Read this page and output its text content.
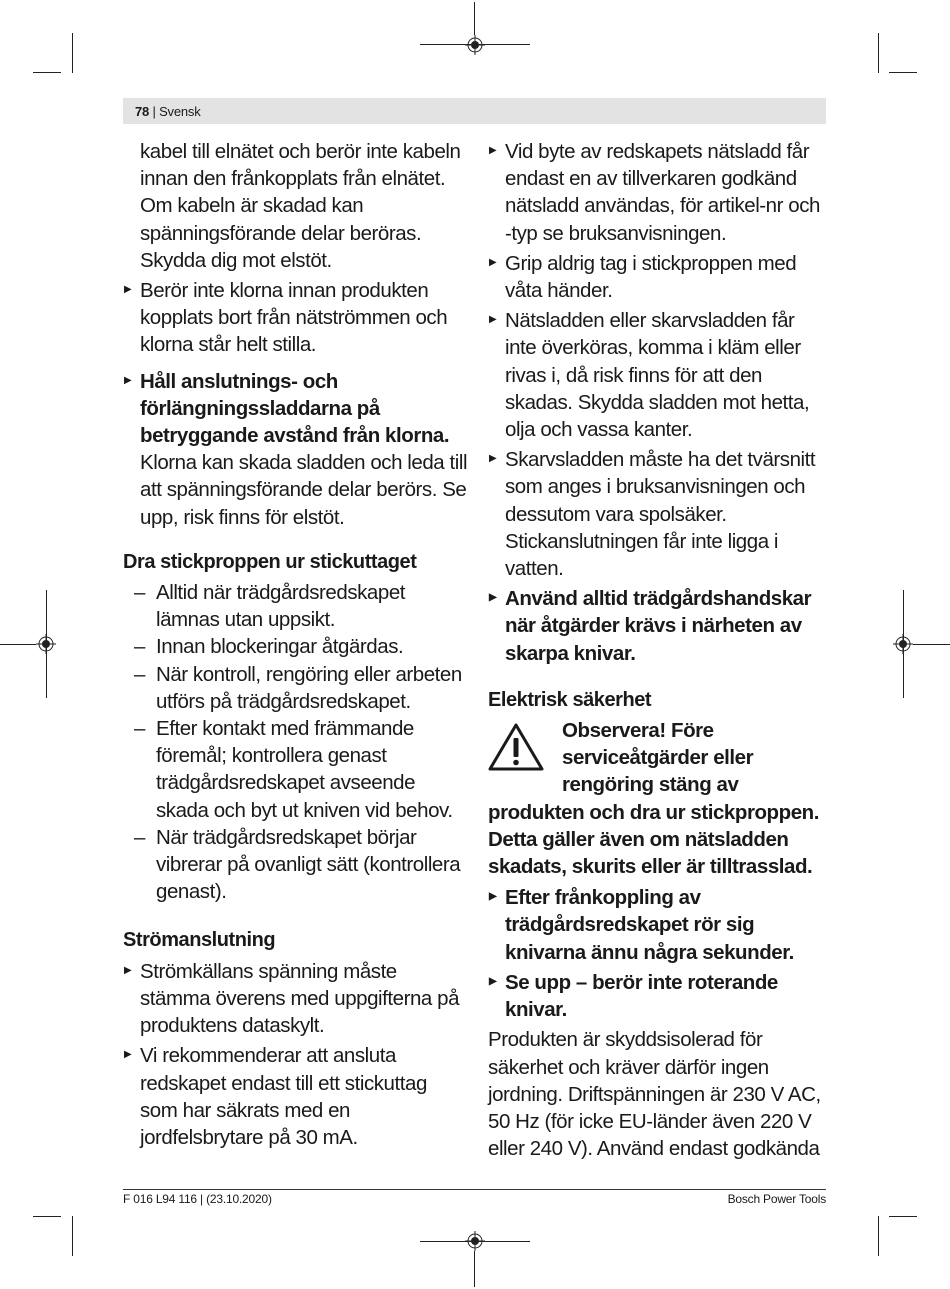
78 | Svensk

kabel till elnätet och berör inte kabeln innan den frånkopplats från elnätet. Om kabeln är skadad kan spänningsförande delar beröras. Skydda dig mot elstöt.

▶ Berör inte klorna innan produkten kopplats bort från nätströmmen och klorna står helt stilla.

▶ Håll anslutnings- och förlängningssladdarna på betryggande avstånd från klorna. Klorna kan skada sladden och leda till att spänningsförande delar berörs. Se upp, risk finns för elstöt.

Dra stickproppen ur stickuttaget

– Alltid när trädgårdsredskapet lämnas utan uppsikt.

– Innan blockeringar åtgärdas.

– När kontroll, rengöring eller arbeten utförs på trädgårdsredskapet.

– Efter kontakt med främmande föremål; kontrollera genast trädgårdsredskapet avseende skada och byt ut kniven vid behov.

– När trädgårdsredskapet börjar vibrerar på ovanligt sätt (kontrollera genast).

Strömanslutning

▶ Strömkällans spänning måste stämma överens med uppgifterna på produktens dataskylt.

▶ Vi rekommenderar att ansluta redskapet endast till ett stickuttag som har säkrats med en jordfelsbrytare på 30 mA.

▶ Vid byte av redskapets nätsladd får endast en av tillverkaren godkänd nätsladd användas, för artikel-nr och -typ se bruksanvisningen.

▶ Grip aldrig tag i stickproppen med våta händer.

▶ Nätsladden eller skarvsladden får inte överköras, komma i kläm eller rivas i, då risk finns för att den skadas. Skydda sladden mot hetta, olja och vassa kanter.

▶ Skarvsladden måste ha det tvärsnitt som anges i bruksanvisningen och dessutom vara spolsäker. Stickanslutningen får inte ligga i vatten.

▶ Använd alltid trädgårdshandskar när åtgärder krävs i närheten av skarpa knivar.

Elektrisk säkerhet

Observera! Före serviceåtgärder eller rengöring stäng av produkten och dra ur stickproppen. Detta gäller även om nätsladden skadats, skurits eller är tilltrasslad.

▶ Efter frånkoppling av trädgårdsredskapet rör sig knivarna ännu några sekunder.

▶ Se upp – berör inte roterande knivar.

Produkten är skyddsisolerad för säkerhet och kräver därför ingen jordning. Driftspänningen är 230 V AC, 50 Hz (för icke EU-länder även 220 V eller 240 V). Använd endast godkända

F 016 L94 116 | (23.10.2020)	Bosch Power Tools
